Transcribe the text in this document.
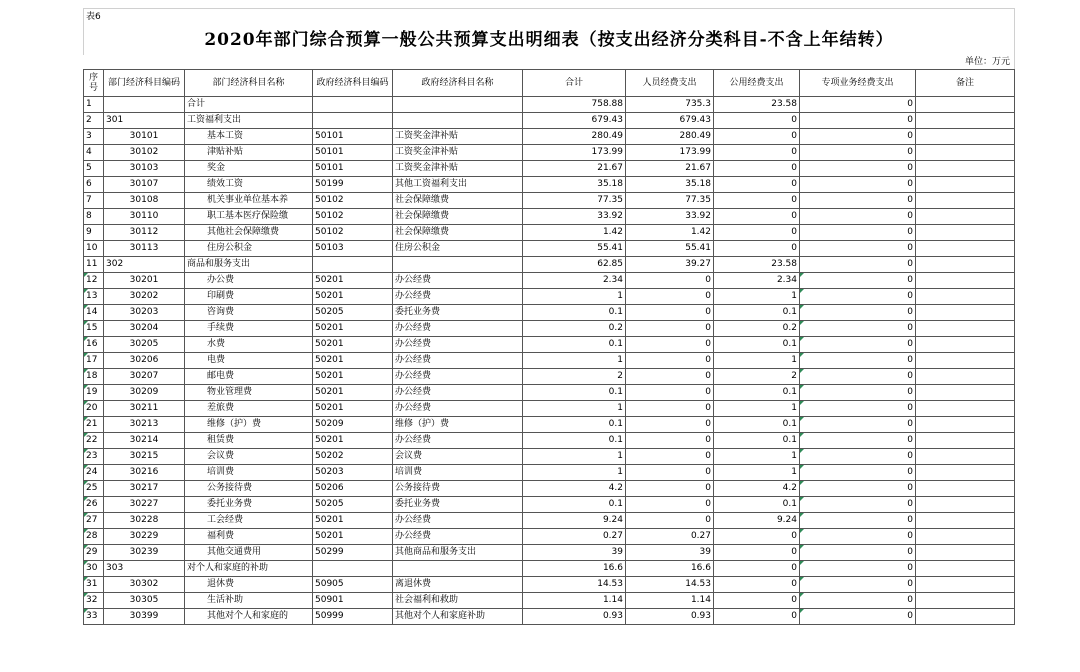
表6
2020年部门综合预算一般公共预算支出明细表（按支出经济分类科目-不含上年结转）
单位：万元
序号	部门经济科目编码	部门经济科目名称	政府经济科目编码	政府经济科目名称	合计	人员经费支出	公用经费支出	专项业务经费支出	备注
1		合计			758.88	735.3	23.58	0	
2	301	工资福利支出			679.43	679.43	0	0	
3	30101	基本工资	50101	工资奖金津补贴	280.49	280.49	0	0	
4	30102	津贴补贴	50101	工资奖金津补贴	173.99	173.99	0	0	
5	30103	奖金	50101	工资奖金津补贴	21.67	21.67	0	0	
6	30107	绩效工资	50199	其他工资福利支出	35.18	35.18	0	0	
7	30108	机关事业单位基本养	50102	社会保障缴费	77.35	77.35	0	0	
8	30110	职工基本医疗保险缴	50102	社会保障缴费	33.92	33.92	0	0	
9	30112	其他社会保障缴费	50102	社会保障缴费	1.42	1.42	0	0	
10	30113	住房公积金	50103	住房公积金	55.41	55.41	0	0	
11	302	商品和服务支出			62.85	39.27	23.58	0	
12	30201	办公费	50201	办公经费	2.34	0	2.34	0	
13	30202	印刷费	50201	办公经费	1	0	1	0	
14	30203	咨询费	50205	委托业务费	0.1	0	0.1	0	
15	30204	手续费	50201	办公经费	0.2	0	0.2	0	
16	30205	水费	50201	办公经费	0.1	0	0.1	0	
17	30206	电费	50201	办公经费	1	0	1	0	
18	30207	邮电费	50201	办公经费	2	0	2	0	
19	30209	物业管理费	50201	办公经费	0.1	0	0.1	0	
20	30211	差旅费	50201	办公经费	1	0	1	0	
21	30213	维修（护）费	50209	维修（护）费	0.1	0	0.1	0	
22	30214	租赁费	50201	办公经费	0.1	0	0.1	0	
23	30215	会议费	50202	会议费	1	0	1	0	
24	30216	培训费	50203	培训费	1	0	1	0	
25	30217	公务接待费	50206	公务接待费	4.2	0	4.2	0	
26	30227	委托业务费	50205	委托业务费	0.1	0	0.1	0	
27	30228	工会经费	50201	办公经费	9.24	0	9.24	0	
28	30229	福利费	50201	办公经费	0.27	0.27	0	0	
29	30239	其他交通费用	50299	其他商品和服务支出	39	39	0	0	
30	303	对个人和家庭的补助			16.6	16.6	0	0	
31	30302	退休费	50905	离退休费	14.53	14.53	0	0	
32	30305	生活补助	50901	社会福利和救助	1.14	1.14	0	0	
33	30399	其他对个人和家庭的	50999	其他对个人和家庭补助	0.93	0.93	0	0	
